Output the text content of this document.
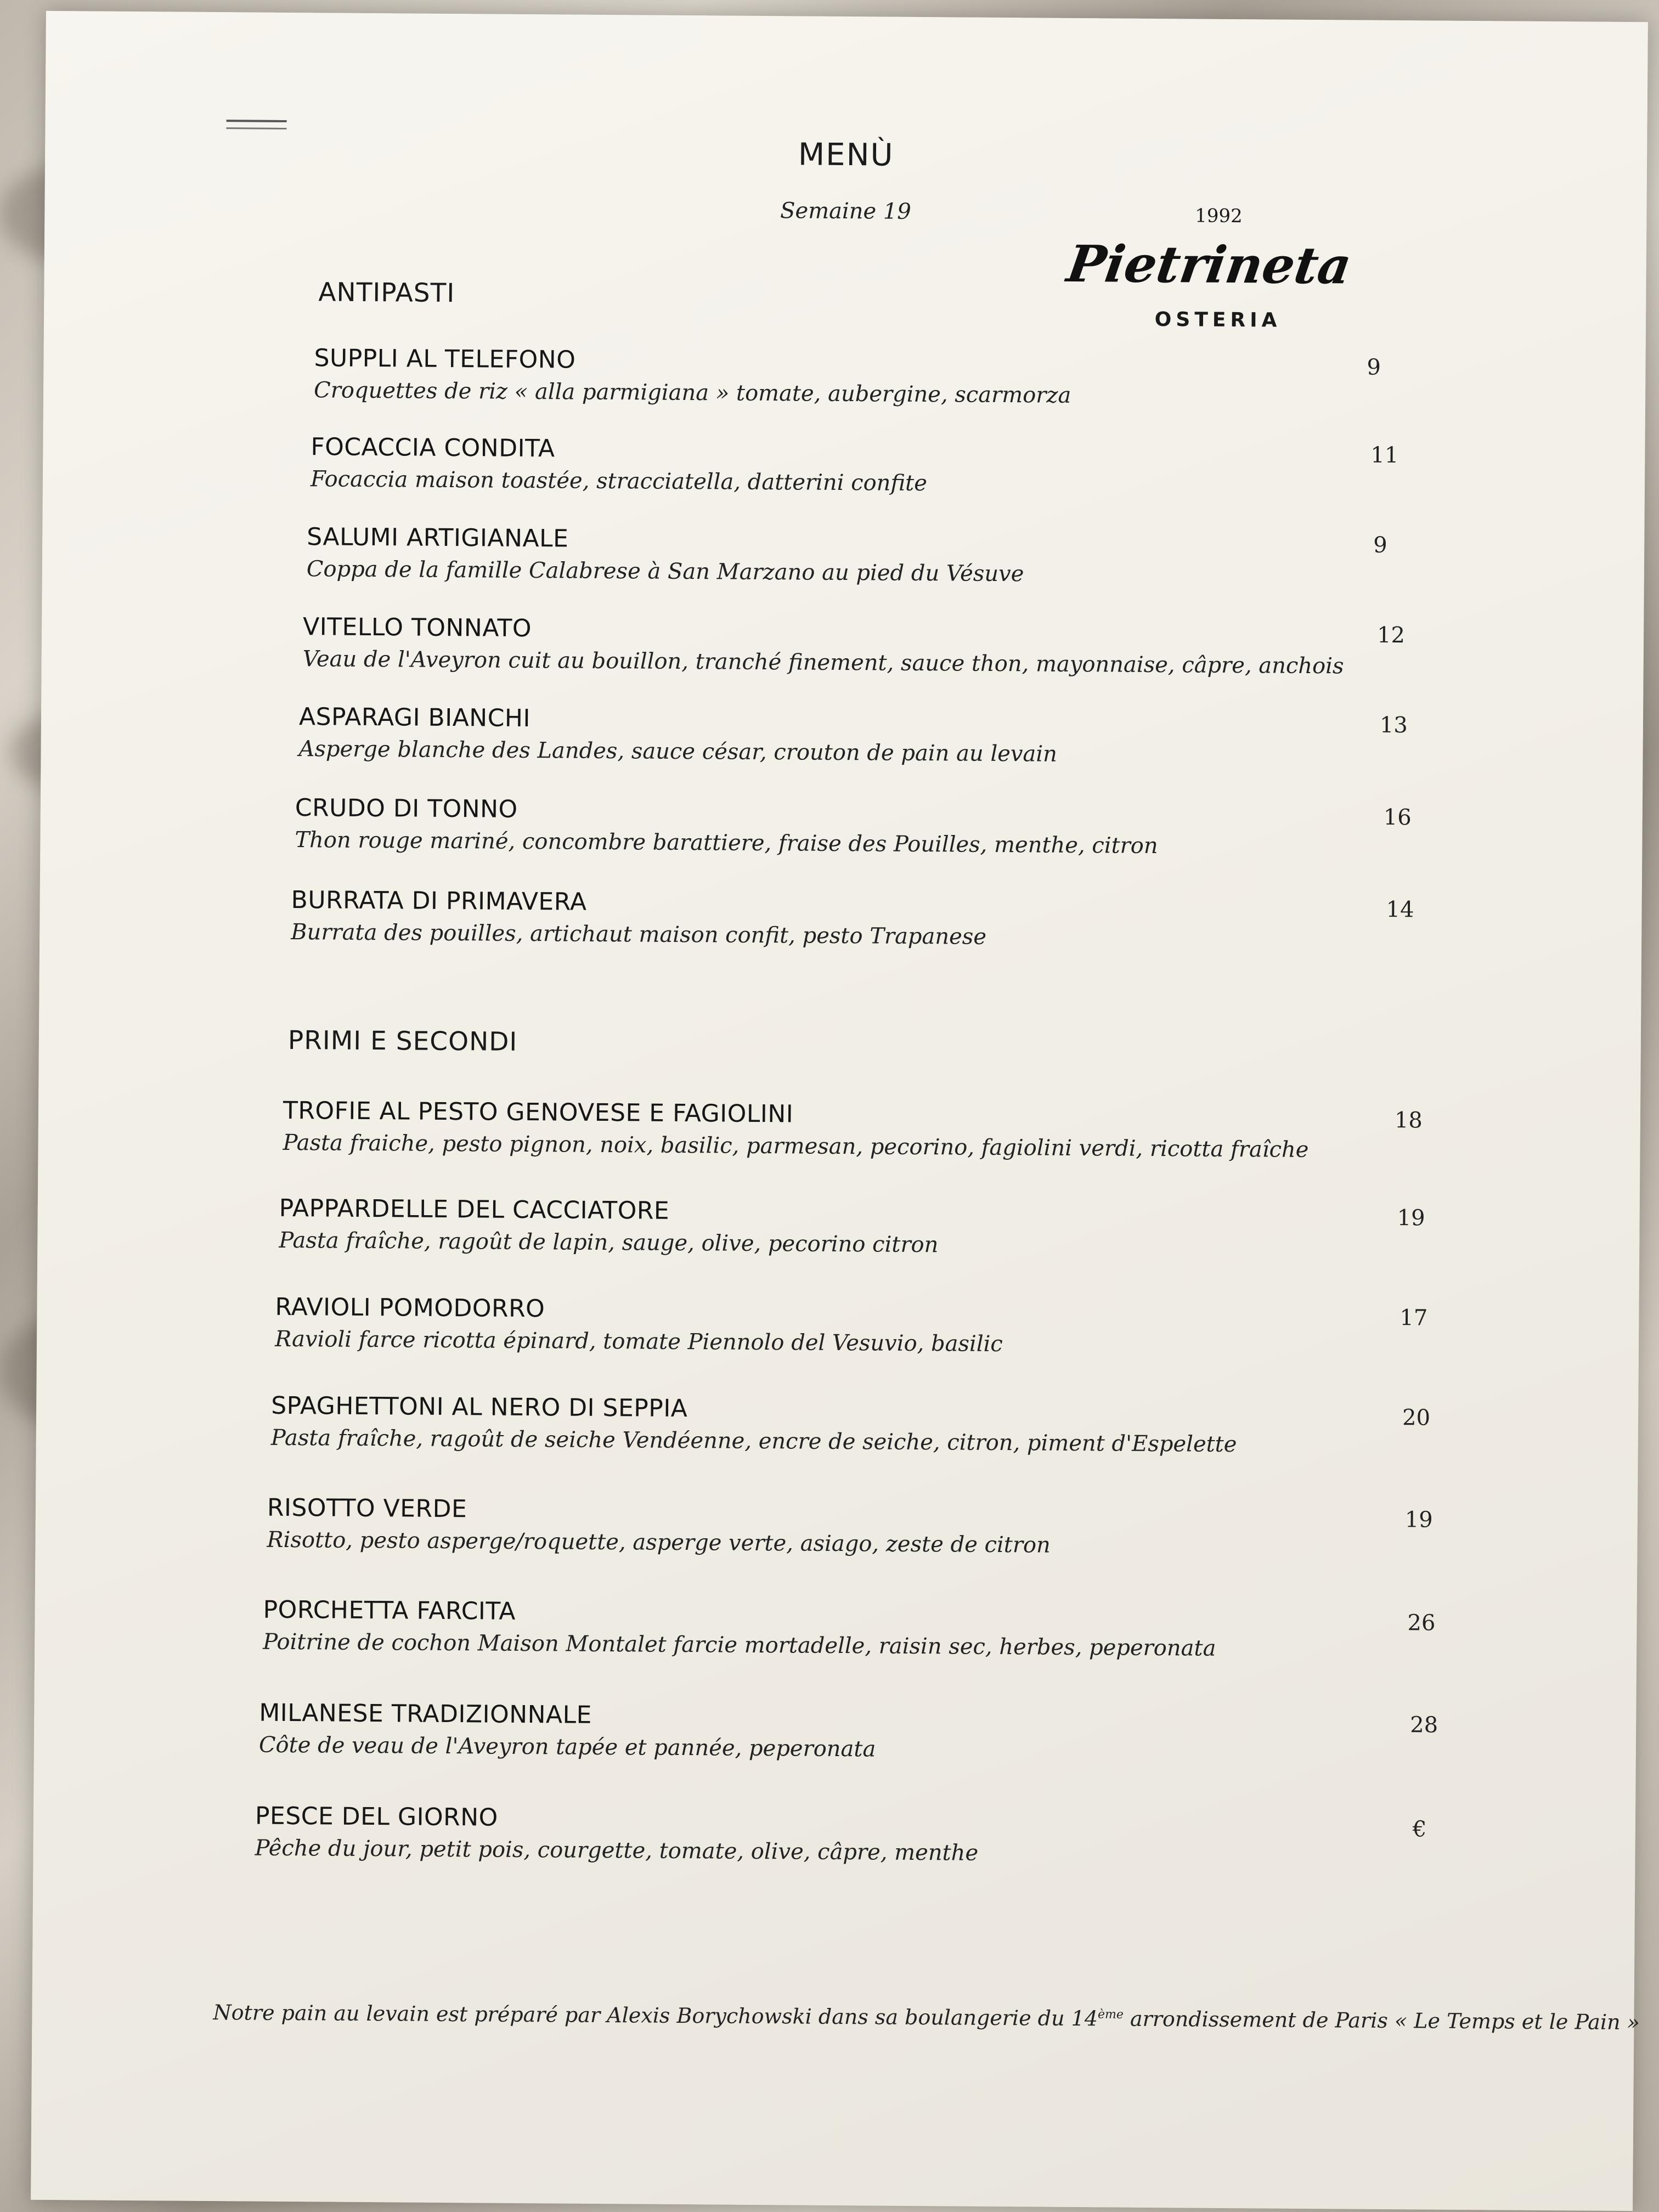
MENÙ
Semaine 19	1992
Pietrineta
OSTERIA
ANTIPASTI
SUPPLI AL TELEFONO
Croquettes de riz « alla parmigiana » tomate, aubergine, scarmorza
9
FOCACCIA CONDITA
Focaccia maison toastée, stracciatella, datterini confite
11
SALUMI ARTIGIANALE
Coppa de la famille Calabrese à San Marzano au pied du Vésuve
9
VITELLO TONNATO
Veau de l'Aveyron cuit au bouillon, tranché finement, sauce thon, mayonnaise, câpre, anchois
12
ASPARAGI BIANCHI
Asperge blanche des Landes, sauce césar, crouton de pain au levain
13
CRUDO DI TONNO
Thon rouge mariné, concombre barattiere, fraise des Pouilles, menthe, citron
16
BURRATA DI PRIMAVERA
Burrata des pouilles, artichaut maison confit, pesto Trapanese
14
PRIMI E SECONDI
TROFIE AL PESTO GENOVESE E FAGIOLINI
Pasta fraiche, pesto pignon, noix, basilic, parmesan, pecorino, fagiolini verdi, ricotta fraîche
18
PAPPARDELLE DEL CACCIATORE
Pasta fraîche, ragoût de lapin, sauge, olive, pecorino citron
19
RAVIOLI POMODORRO
Ravioli farce ricotta épinard, tomate Piennolo del Vesuvio, basilic
17
SPAGHETTONI AL NERO DI SEPPIA
Pasta fraîche, ragoût de seiche Vendéenne, encre de seiche, citron, piment d'Espelette
20
RISOTTO VERDE
Risotto, pesto asperge/roquette, asperge verte, asiago, zeste de citron
19
PORCHETTA FARCITA
Poitrine de cochon Maison Montalet farcie mortadelle, raisin sec, herbes, peperonata
26
MILANESE TRADIZIONNALE
Côte de veau de l'Aveyron tapée et pannée, peperonata
28
PESCE DEL GIORNO
Pêche du jour, petit pois, courgette, tomate, olive, câpre, menthe
€
Notre pain au levain est préparé par Alexis Borychowski dans sa boulangerie du 14ème arrondissement de Paris « Le Temps et le Pain »
